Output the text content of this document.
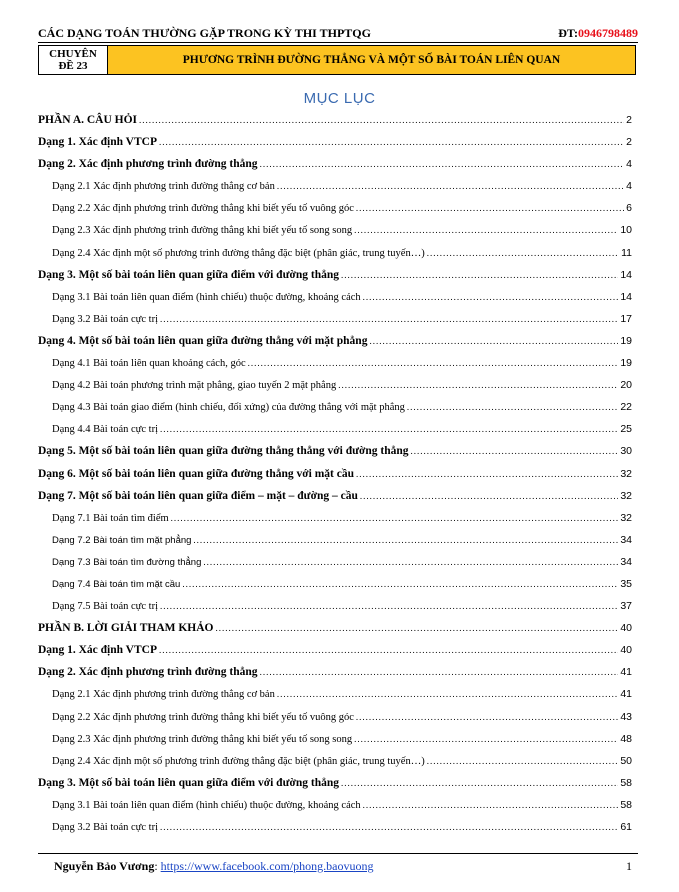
CÁC DẠNG TOÁN THƯỜNG GẶP TRONG KỲ THI THPTQG	ĐT:0946798489
CHUYÊN
ĐỀ 23	PHƯƠNG TRÌNH ĐƯỜNG THẲNG VÀ MỘT SỐ BÀI TOÁN LIÊN QUAN
MỤC LỤC
PHẦN A. CÂU HỎI .....	2
Dạng 1. Xác định VTCP .....	2
Dạng 2. Xác định phương trình đường thẳng .....	4
Dạng 2.1 Xác định phương trình đường thẳng cơ bản .....	4
Dạng 2.2 Xác định phương trình đường thẳng khi biết yếu tố vuông góc .....	6
Dạng 2.3 Xác định phương trình đường thẳng khi biết yếu tố song song .....	10
Dạng 2.4 Xác định một số phương trình đường thẳng đặc biệt (phân giác, trung tuyến…) .....	11
Dạng 3. Một số bài toán liên quan giữa điểm với đường thẳng .....	14
Dạng 3.1 Bài toán liên quan điểm (hình chiếu) thuộc đường, khoảng cách .....	14
Dạng 3.2 Bài toán cực trị .....	17
Dạng 4. Một số bài toán liên quan giữa đường thẳng với mặt phẳng .....	19
Dạng 4.1 Bài toán liên quan khoảng cách, góc .....	19
Dạng 4.2 Bài toán phương trình mặt phẳng, giao tuyến 2 mặt phẳng .....	20
Dạng 4.3 Bài toán giao điểm (hình chiếu, đối xứng) của đường thẳng với mặt phẳng .....	22
Dạng 4.4 Bài toán cực trị .....	25
Dạng 5. Một số bài toán liên quan giữa đường thẳng thẳng với đường thẳng .....	30
Dạng 6. Một số bài toán liên quan giữa đường thẳng với mặt cầu .....	32
Dạng 7. Một số bài toán liên quan giữa điểm – mặt – đường – cầu .....	32
Dạng 7.1 Bài toán tìm điểm .....	32
Dạng 7.2 Bài toán tìm mặt phẳng .....	34
Dạng 7.3 Bài toán tìm đường thẳng .....	34
Dạng 7.4 Bài toán tìm mặt cầu .....	35
Dạng 7.5 Bài toán cực trị .....	37
PHẦN B. LỜI GIẢI THAM KHẢO .....	40
Dạng 1. Xác định VTCP .....	40
Dạng 2. Xác định phương trình đường thẳng .....	41
Dạng 2.1 Xác định phương trình đường thẳng cơ bản .....	41
Dạng 2.2 Xác định phương trình đường thẳng khi biết yếu tố vuông góc .....	43
Dạng 2.3 Xác định phương trình đường thẳng khi biết yếu tố song song .....	48
Dạng 2.4 Xác định một số phương trình đường thẳng đặc biệt (phân giác, trung tuyến…) .....	50
Dạng 3. Một số bài toán liên quan giữa điểm với đường thẳng .....	58
Dạng 3.1 Bài toán liên quan điểm (hình chiếu) thuộc đường, khoảng cách .....	58
Dạng 3.2 Bài toán cực trị .....	61
Nguyễn Bảo Vương: https://www.facebook.com/phong.baovuong	1
